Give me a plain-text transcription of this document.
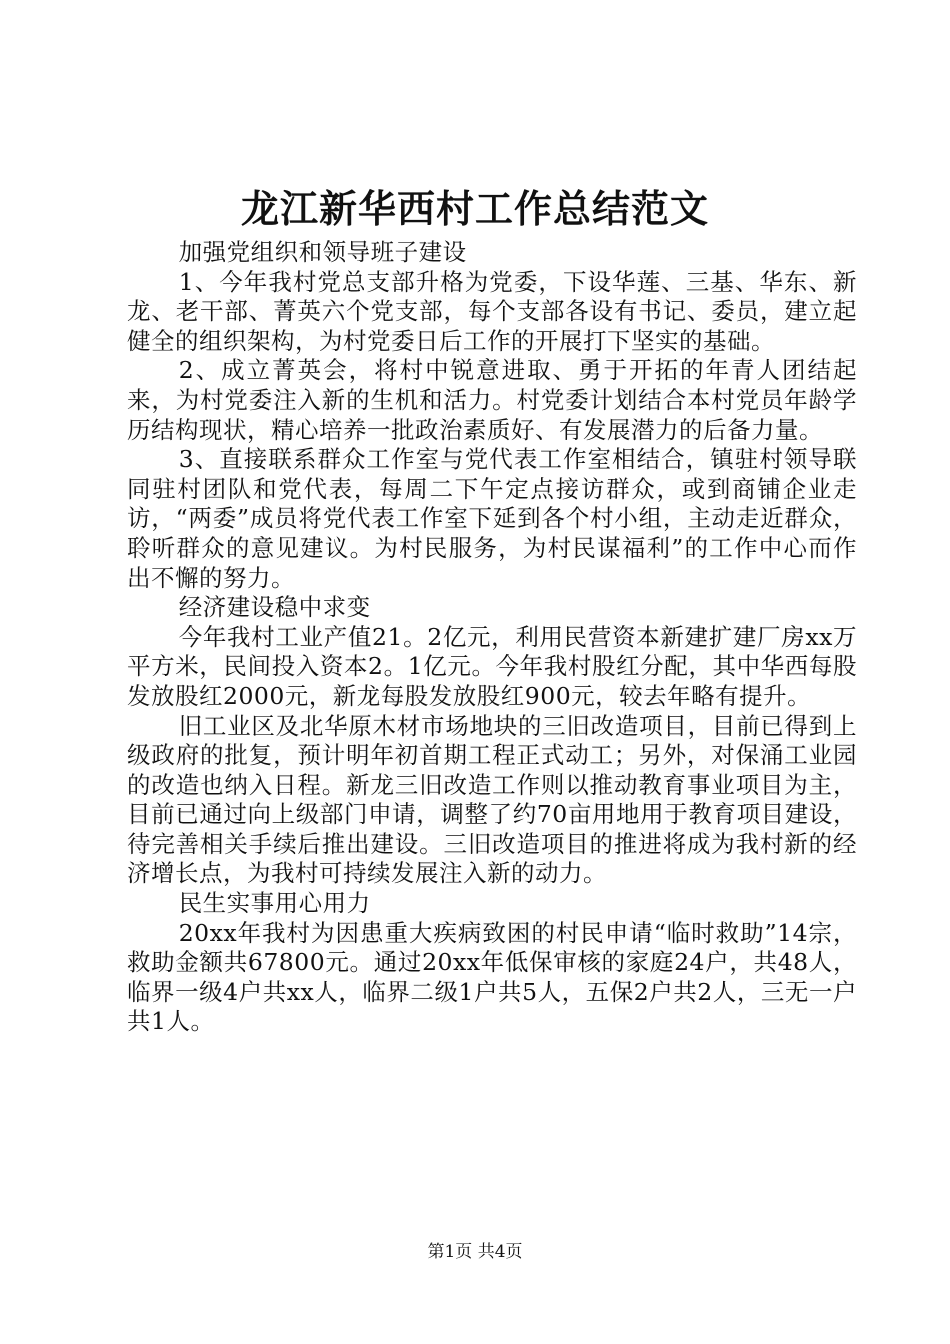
龙江新华西村工作总结范文

加强党组织和领导班子建设

1、今年我村党总支部升格为党委，下设华莲、三基、华东、新龙、老干部、菁英六个党支部，每个支部各设有书记、委员，建立起健全的组织架构，为村党委日后工作的开展打下坚实的基础。

2、成立菁英会，将村中锐意进取、勇于开拓的年青人团结起来，为村党委注入新的生机和活力。村党委计划结合本村党员年龄学历结构现状，精心培养一批政治素质好、有发展潜力的后备力量。

3、直接联系群众工作室与党代表工作室相结合，镇驻村领导联同驻村团队和党代表，每周二下午定点接访群众，或到商铺企业走访，“两委”成员将党代表工作室下延到各个村小组，主动走近群众，聆听群众的意见建议。为村民服务，为村民谋福利”的工作中心而作出不懈的努力。

经济建设稳中求变

今年我村工业产值21。2亿元，利用民营资本新建扩建厂房xx万平方米，民间投入资本2。1亿元。今年我村股红分配，其中华西每股发放股红2000元，新龙每股发放股红900元，较去年略有提升。

旧工业区及北华原木材市场地块的三旧改造项目，目前已得到上级政府的批复，预计明年初首期工程正式动工；另外，对保涌工业园的改造也纳入日程。新龙三旧改造工作则以推动教育事业项目为主，目前已通过向上级部门申请，调整了约70亩用地用于教育项目建设，待完善相关手续后推出建设。三旧改造项目的推进将成为我村新的经济增长点，为我村可持续发展注入新的动力。

民生实事用心用力

20xx年我村为因患重大疾病致困的村民申请“临时救助”14宗，救助金额共67800元。通过20xx年低保审核的家庭24户，共48人，临界一级4户共xx人，临界二级1户共5人，五保2户共2人，三无一户共1人。

第1页 共4页
